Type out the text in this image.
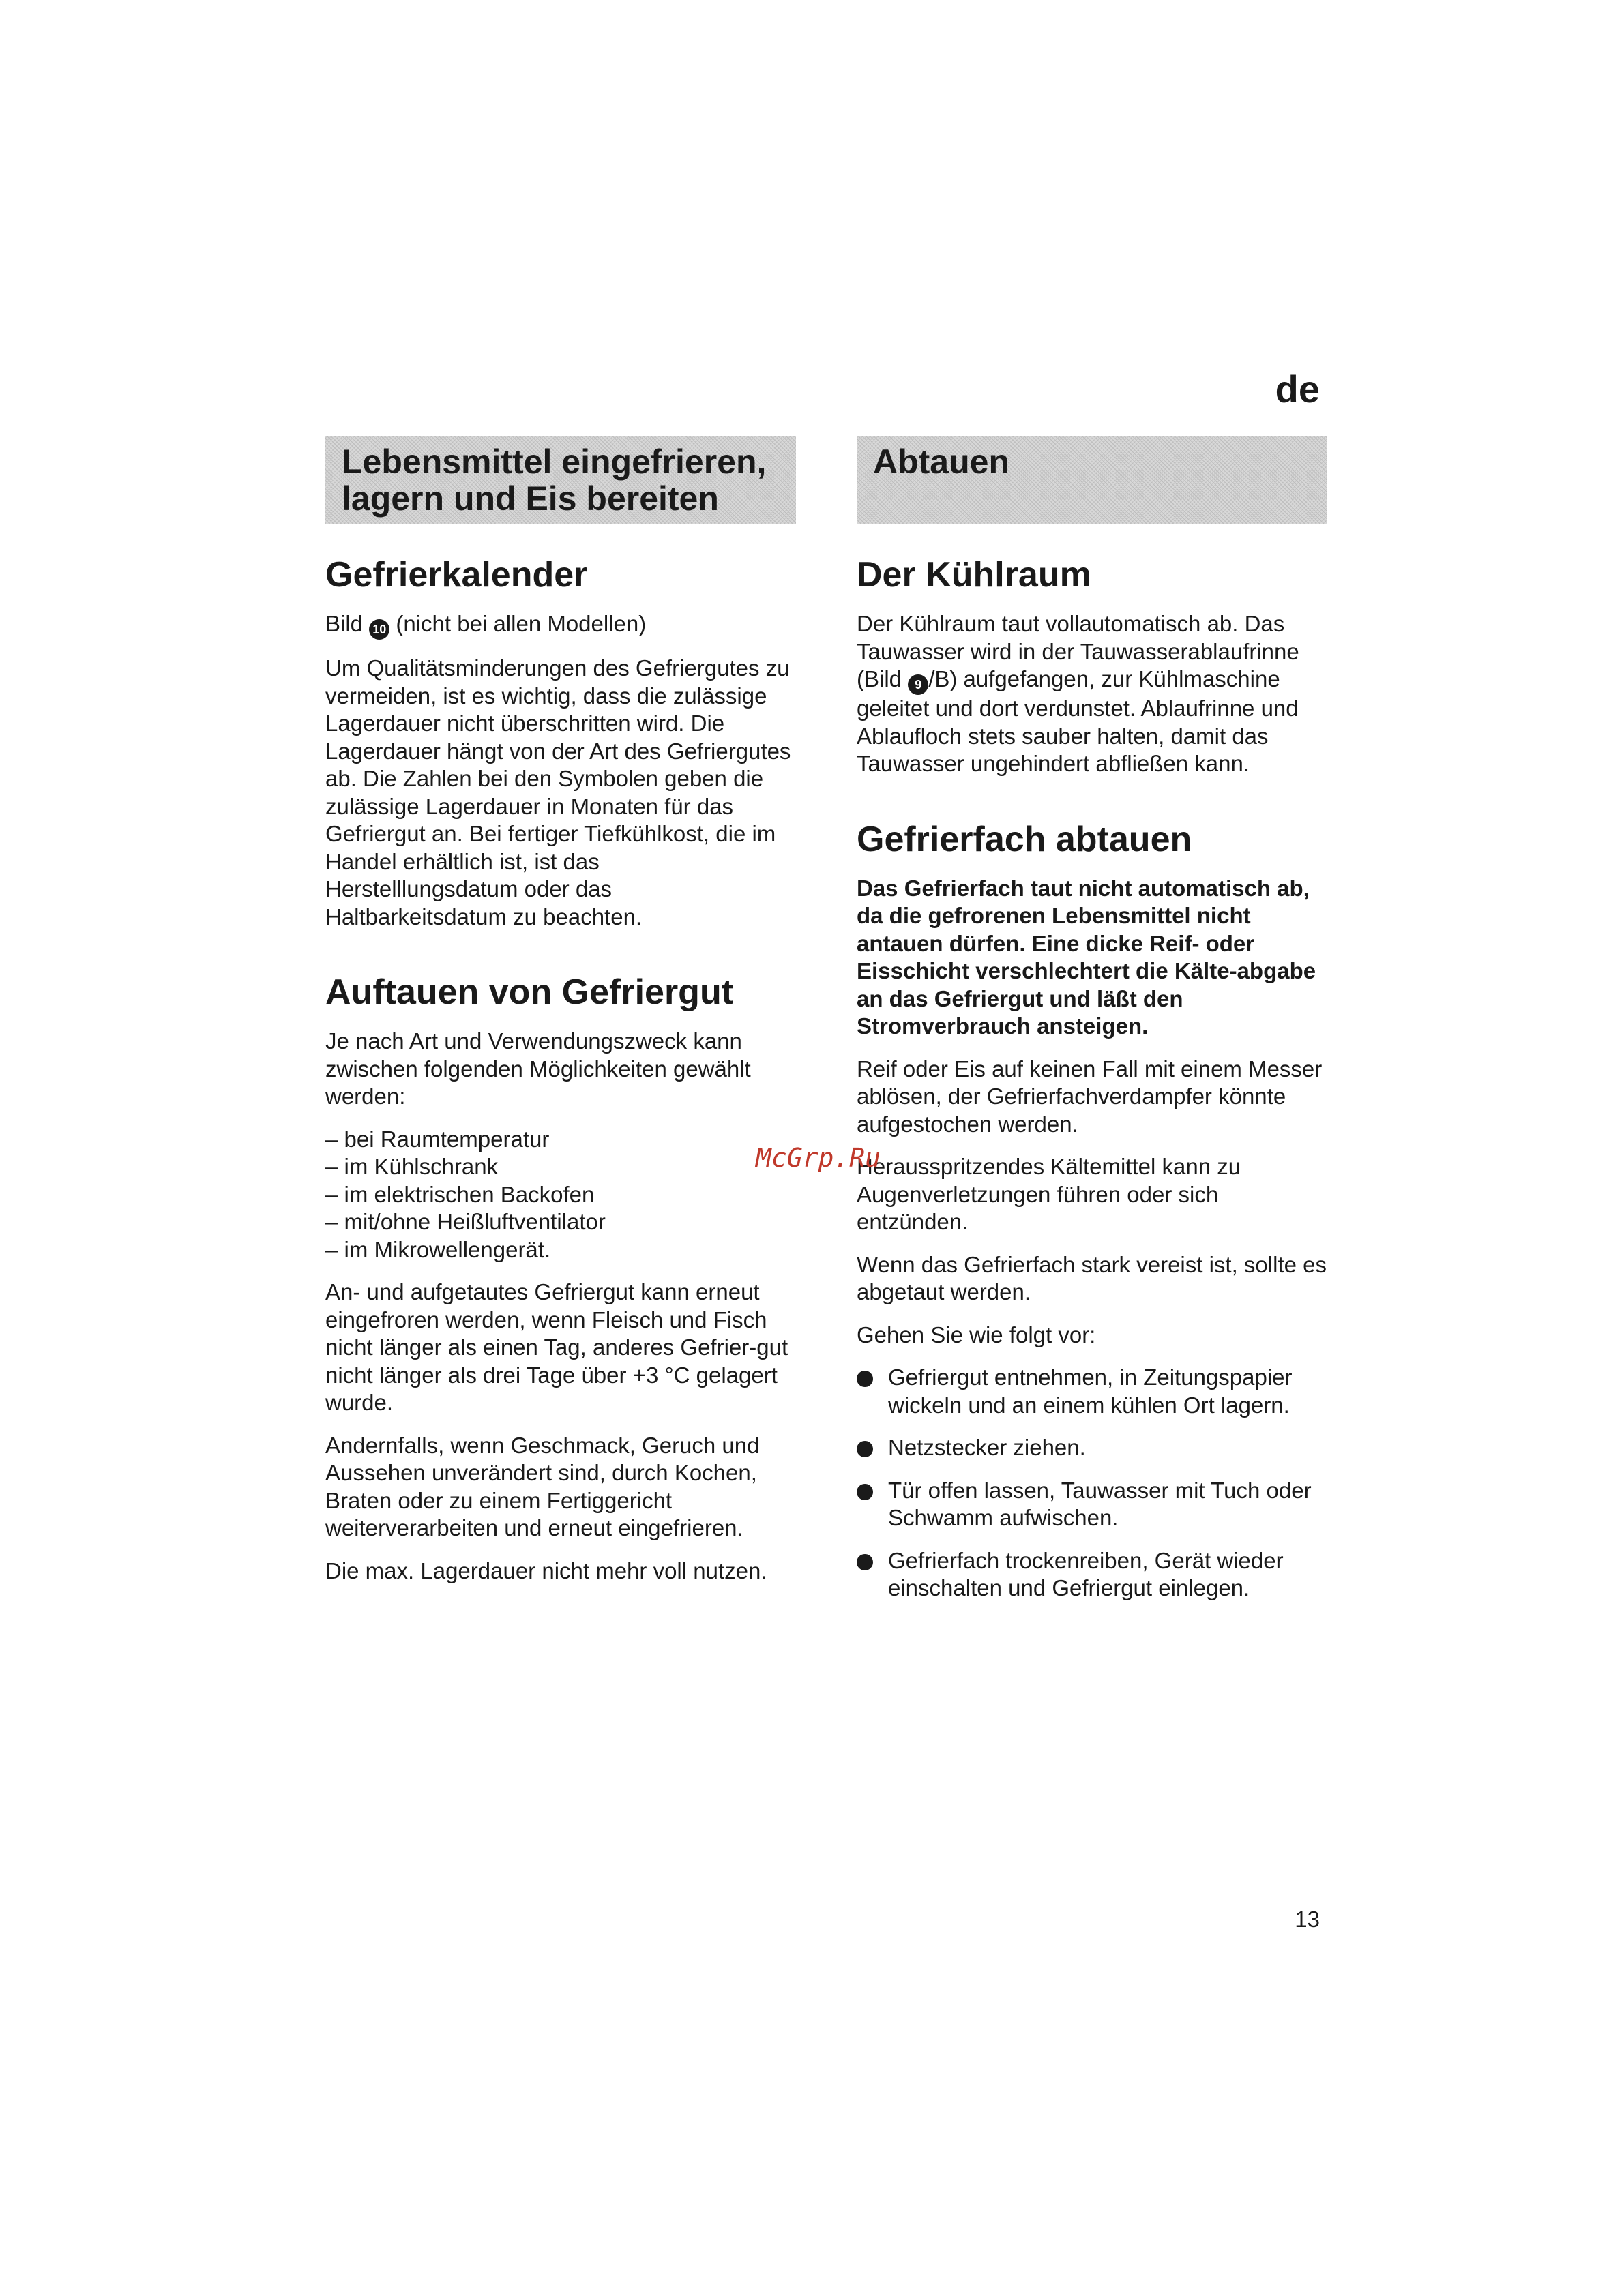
de
Lebensmittel eingefrieren,
lagern und Eis bereiten
Gefrierkalender

Bild 10 (nicht bei allen Modellen)

Um Qualitätsminderungen des Gefriergutes zu vermeiden, ist es wichtig, dass die zulässige Lagerdauer nicht überschritten wird. Die Lagerdauer hängt von der Art des Gefriergutes ab. Die Zahlen bei den Symbolen geben die zulässige Lagerdauer in Monaten für das Gefriergut an. Bei fertiger Tiefkühlkost, die im Handel erhältlich ist, ist das Herstelllungsdatum oder das Haltbarkeitsdatum zu beachten.

Auftauen von Gefriergut

Je nach Art und Verwendungszweck kann zwischen folgenden Möglichkeiten gewählt werden:

– bei Raumtemperatur
– im Kühlschrank
– im elektrischen Backofen
– mit/ohne Heißluftventilator
– im Mikrowellengerät.

An- und aufgetautes Gefriergut kann erneut eingefroren werden, wenn Fleisch und Fisch nicht länger als einen Tag, anderes Gefrier-gut nicht länger als drei Tage über +3 °C gelagert wurde.

Andernfalls, wenn Geschmack, Geruch und Aussehen unverändert sind, durch Kochen, Braten oder zu einem Fertiggericht weiterverarbeiten und erneut eingefrieren.

Die max. Lagerdauer nicht mehr voll nutzen.

Abtauen
Der Kühlraum

Der Kühlraum taut vollautomatisch ab. Das Tauwasser wird in der Tauwasserablaufrinne (Bild 9 /B) aufgefangen, zur Kühlmaschine geleitet und dort verdunstet. Ablaufrinne und Ablaufloch stets sauber halten, damit das Tauwasser ungehindert abfließen kann.

Gefrierfach abtauen

Das Gefrierfach taut nicht automatisch ab, da die gefrorenen Lebensmittel nicht antauen dürfen. Eine dicke Reif- oder Eisschicht verschlechtert die Kälte-abgabe an das Gefriergut und läßt den Stromverbrauch ansteigen.

Reif oder Eis auf keinen Fall mit einem Messer ablösen, der Gefrierfachverdampfer könnte aufgestochen werden.

Herausspritzendes Kältemittel kann zu Augenverletzungen führen oder sich entzünden.

Wenn das Gefrierfach stark vereist ist, sollte es abgetaut werden.

Gehen Sie wie folgt vor:

Gefriergut entnehmen, in Zeitungspapier wickeln und an einem kühlen Ort lagern.
Netzstecker ziehen.
Tür offen lassen, Tauwasser mit Tuch oder Schwamm aufwischen.
Gefrierfach trockenreiben, Gerät wieder einschalten und Gefriergut einlegen.
McGrp.Ru
13
